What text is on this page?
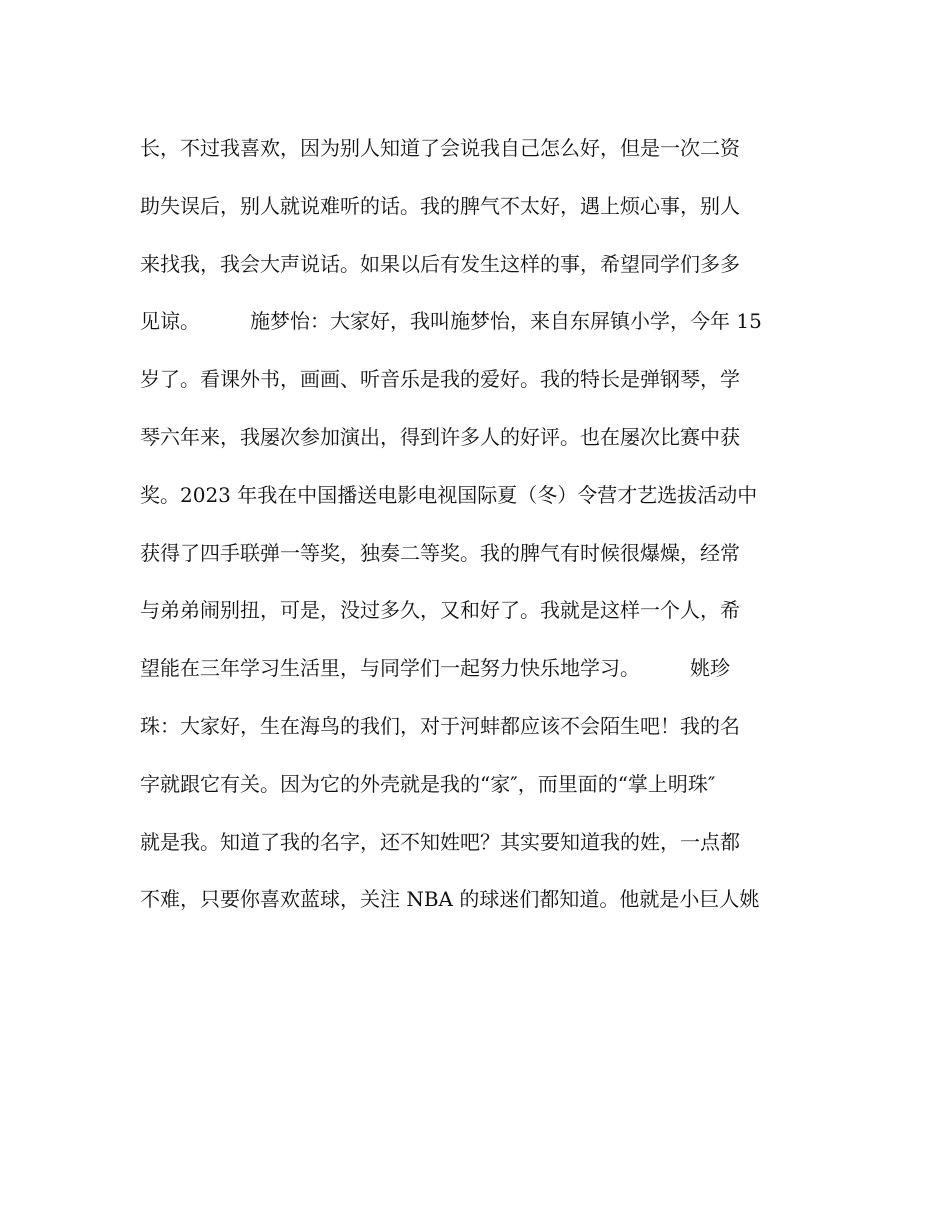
长，不过我喜欢，因为别人知道了会说我自己怎么好，但是一次二资
助失误后，别人就说难听的话。我的脾气不太好，遇上烦心事，别人
来找我，我会大声说话。如果以后有发生这样的事，希望同学们多多
见谅。　　　施梦怡：大家好，我叫施梦怡，来自东屏镇小学，今年 15
岁了。看课外书，画画、听音乐是我的爱好。我的特长是弹钢琴，学
琴六年来，我屡次参加演出，得到许多人的好评。也在屡次比赛中获
奖。2023 年我在中国播送电影电视国际夏（冬）令营才艺选拔活动中
获得了四手联弹一等奖，独奏二等奖。我的脾气有时候很爆燥，经常
与弟弟闹别扭，可是，没过多久，又和好了。我就是这样一个人，希
望能在三年学习生活里，与同学们一起努力快乐地学习。　　　姚珍
珠：大家好，生在海鸟的我们，对于河蚌都应该不会陌生吧！我的名
字就跟它有关。因为它的外壳就是我的“家″，而里面的“掌上明珠″
就是我。知道了我的名字，还不知姓吧？其实要知道我的姓，一点都
不难，只要你喜欢蓝球，关注 NBA 的球迷们都知道。他就是小巨人姚
